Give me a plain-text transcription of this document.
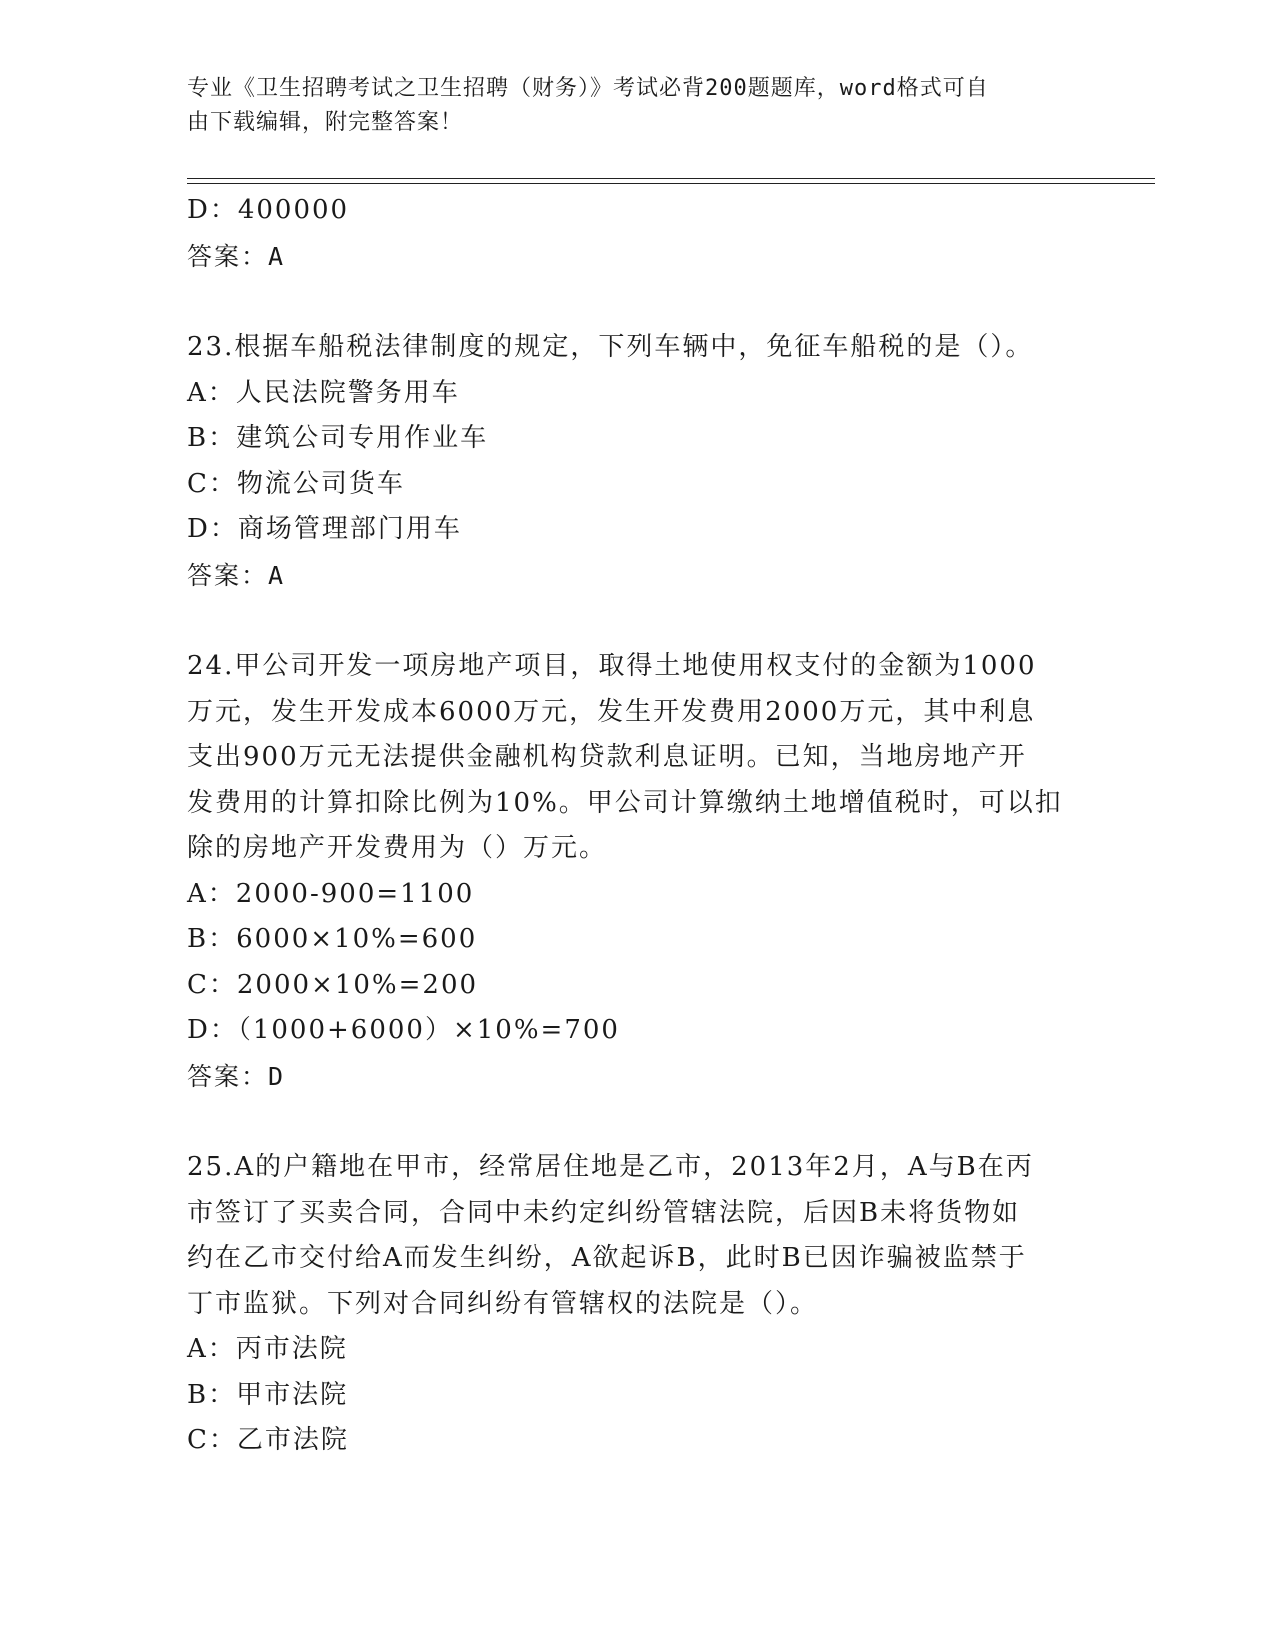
专业《卫生招聘考试之卫生招聘（财务）》考试必背200题题库，word格式可自
由下载编辑，附完整答案！
D：400000
答案：A
23.根据车船税法律制度的规定，下列车辆中，免征车船税的是（）。
A：人民法院警务用车
B：建筑公司专用作业车
C：物流公司货车
D：商场管理部门用车
答案：A
24.甲公司开发一项房地产项目，取得土地使用权支付的金额为1000
万元，发生开发成本6000万元，发生开发费用2000万元，其中利息
支出900万元无法提供金融机构贷款利息证明。已知，当地房地产开
发费用的计算扣除比例为10%。甲公司计算缴纳土地增值税时，可以扣
除的房地产开发费用为（）万元。
A：2000-900=1100
B：6000×10%=600
C：2000×10%=200
D：（1000+6000）×10%=700
答案：D
25.A的户籍地在甲市，经常居住地是乙市，2013年2月，A与B在丙
市签订了买卖合同，合同中未约定纠纷管辖法院，后因B未将货物如
约在乙市交付给A而发生纠纷，A欲起诉B，此时B已因诈骗被监禁于
丁市监狱。下列对合同纠纷有管辖权的法院是（）。
A：丙市法院
B：甲市法院
C：乙市法院
